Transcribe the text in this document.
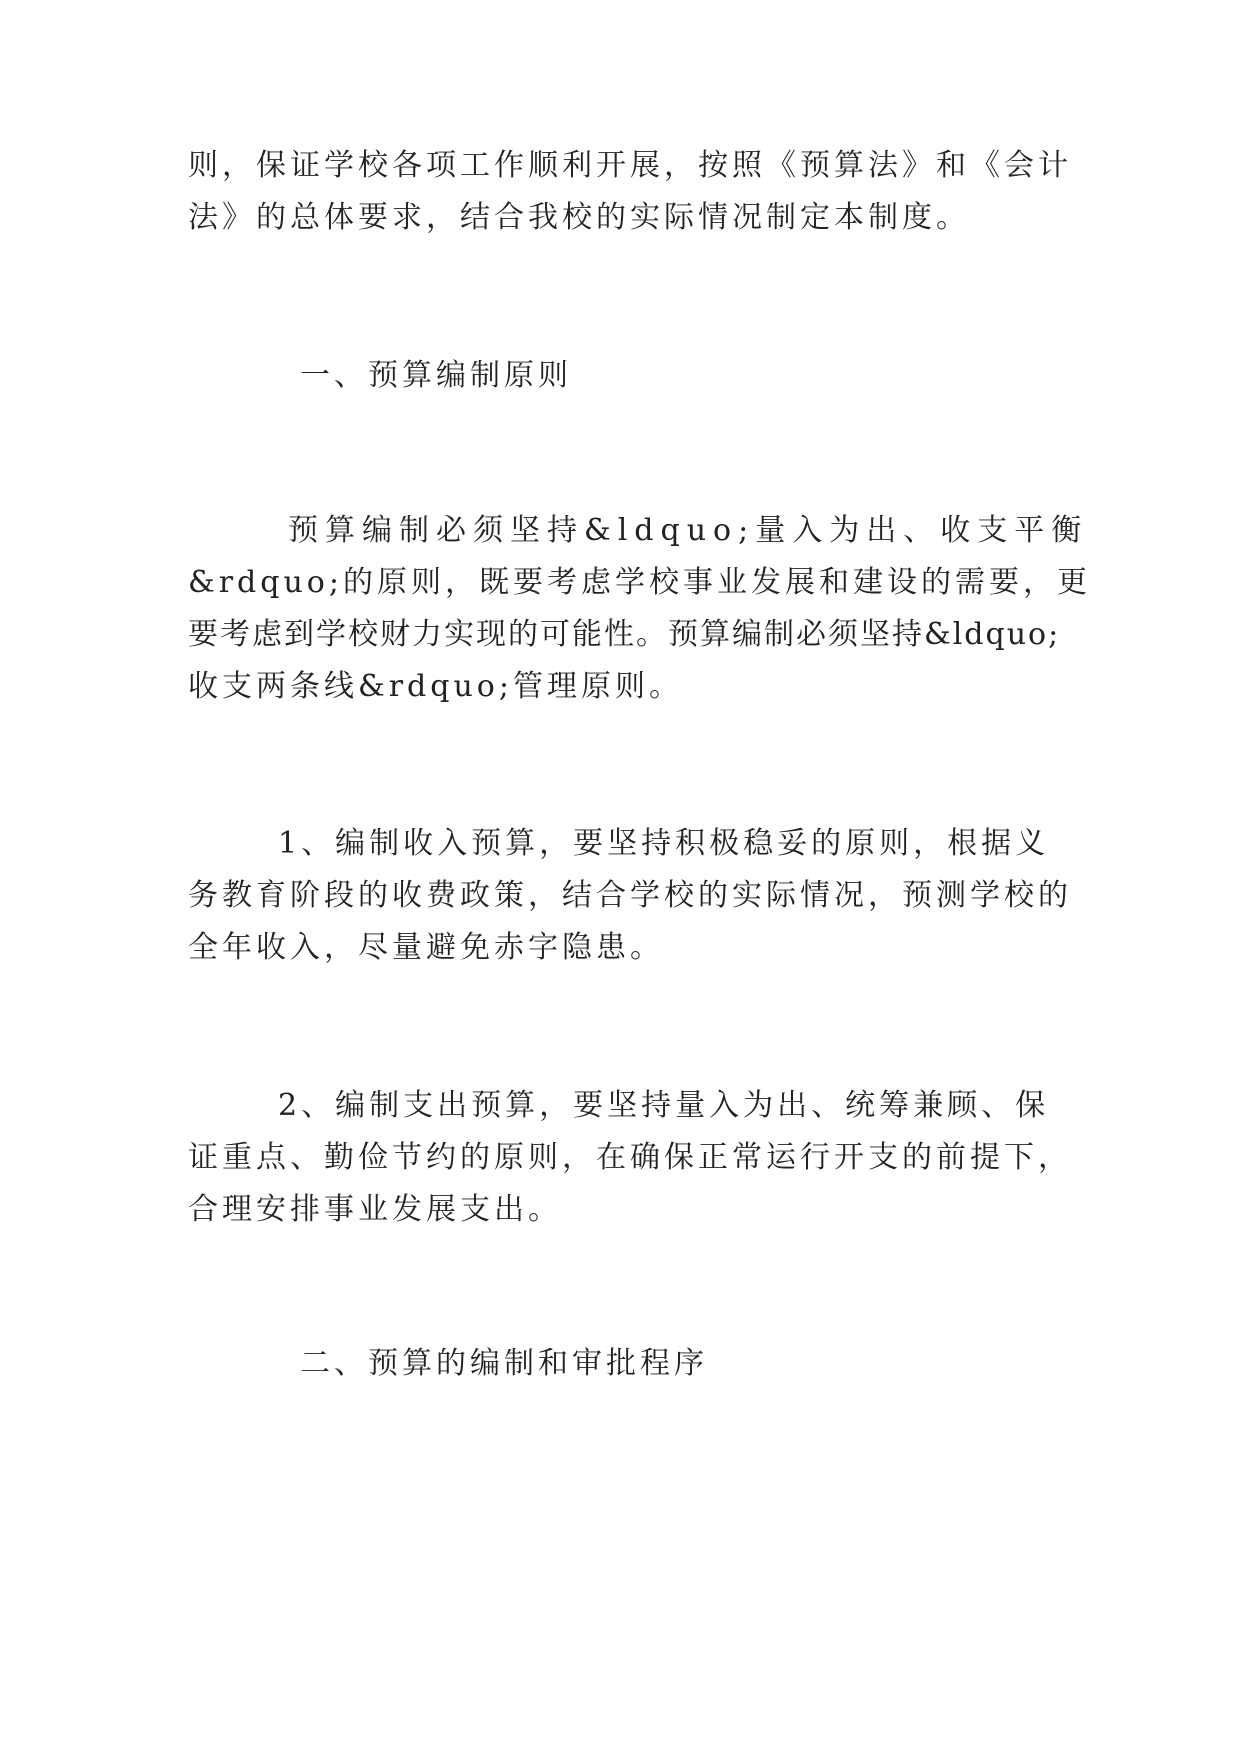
则，保证学校各项工作顺利开展，按照《预算法》和《会计
法》的总体要求，结合我校的实际情况制定本制度。
一、预算编制原则
预算编制必须坚持&ldquo;量入为出、收支平衡
&rdquo;的原则，既要考虑学校事业发展和建设的需要，更
要考虑到学校财力实现的可能性。预算编制必须坚持&ldquo;
收支两条线&rdquo;管理原则。
1、编制收入预算，要坚持积极稳妥的原则，根据义
务教育阶段的收费政策，结合学校的实际情况，预测学校的
全年收入，尽量避免赤字隐患。
2、编制支出预算，要坚持量入为出、统筹兼顾、保
证重点、勤俭节约的原则，在确保正常运行开支的前提下，
合理安排事业发展支出。
二、预算的编制和审批程序
